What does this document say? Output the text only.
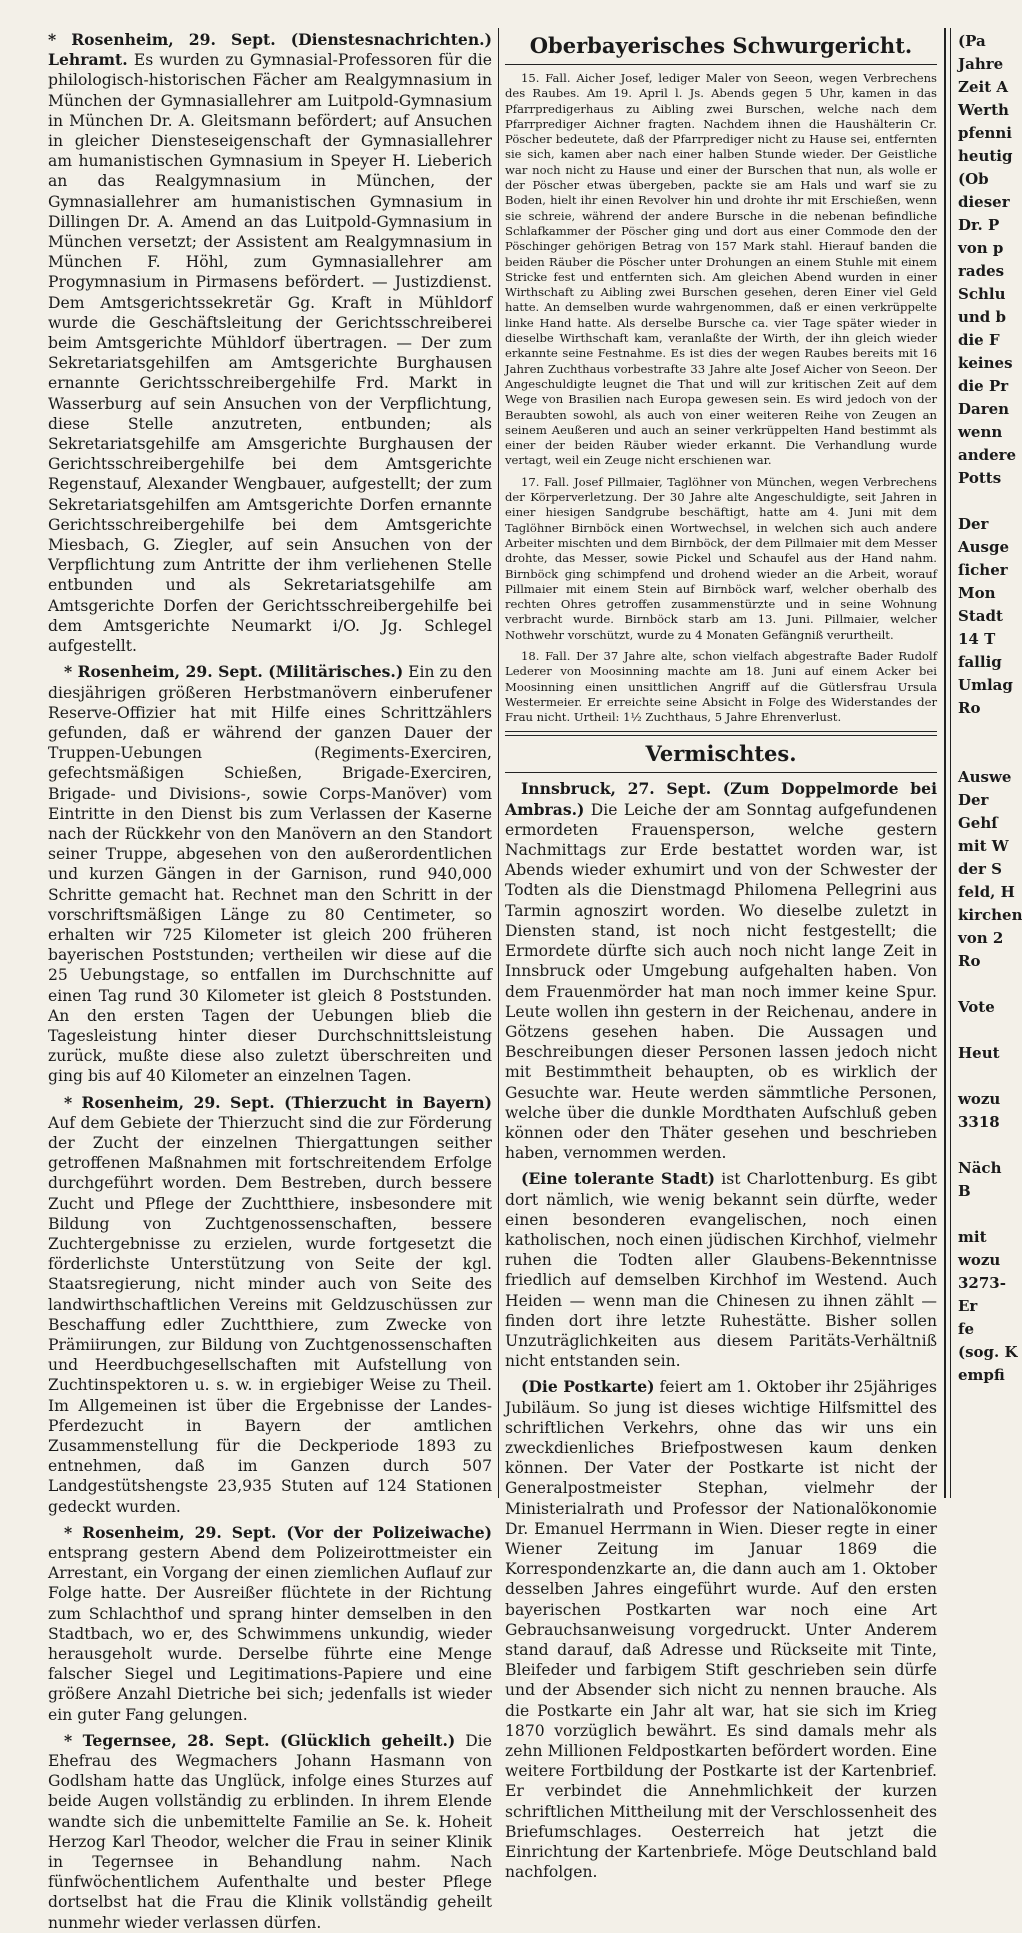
* Rosenheim, 29. Sept. (Dienstesnachrichten.) Lehramt. Es wurden zu Gymnasial-Professoren für die philologisch-historischen Fächer am Realgymnasium in München der Gymnasiallehrer am Luitpold-Gymnasium in München Dr. A. Gleitsmann befördert; auf Ansuchen in gleicher Diensteseigenschaft der Gymnasiallehrer am humanistischen Gymnasium in Speyer H. Lieberich an das Realgymnasium in München, der Gymnasiallehrer am humanistischen Gymnasium in Dillingen Dr. A. Amend an das Luitpold-Gymnasium in München versetzt; der Assistent am Realgymnasium in München F. Höhl, zum Gymnasiallehrer am Progymnasium in Pirmasens befördert. — Justizdienst. Dem Amtsgerichtssekretär Gg. Kraft in Mühldorf wurde die Geschäftsleitung der Gerichtsschreiberei beim Amtsgerichte Mühldorf übertragen. — Der zum Sekretariatsgehilfen am Amtsgerichte Burghausen ernannte Gerichtsschreibergehilfe Frd. Markt in Wasserburg auf sein Ansuchen von der Verpflichtung, diese Stelle anzutreten, entbunden; als Sekretariatsgehilfe am Amsgerichte Burghausen der Gerichtsschreibergehilfe bei dem Amtsgerichte Regenstauf, Alexander Wengbauer, aufgestellt; der zum Sekretariatsgehilfen am Amtsgerichte Dorfen ernannte Gerichtsschreibergehilfe bei dem Amtsgerichte Miesbach, G. Ziegler, auf sein Ansuchen von der Verpflichtung zum Antritte der ihm verliehenen Stelle entbunden und als Sekretariatsgehilfe am Amtsgerichte Dorfen der Gerichtsschreibergehilfe bei dem Amtsgerichte Neumarkt i/O. Jg. Schlegel aufgestellt.

* Rosenheim, 29. Sept. (Militärisches.) Ein zu den diesjährigen größeren Herbstmanövern einberufener Reserve-Offizier hat mit Hilfe eines Schrittzählers gefunden, daß er während der ganzen Dauer der Truppen-Uebungen (Regiments-Exerciren, gefechtsmäßigen Schießen, Brigade-Exerciren, Brigade- und Divisions-, sowie Corps-Manöver) vom Eintritte in den Dienst bis zum Verlassen der Kaserne nach der Rückkehr von den Manövern an den Standort seiner Truppe, abgesehen von den außerordentlichen und kurzen Gängen in der Garnison, rund 940,000 Schritte gemacht hat. Rechnet man den Schritt in der vorschriftsmäßigen Länge zu 80 Centimeter, so erhalten wir 725 Kilometer ist gleich 200 früheren bayerischen Poststunden; vertheilen wir diese auf die 25 Uebungstage, so entfallen im Durchschnitte auf einen Tag rund 30 Kilometer ist gleich 8 Poststunden. An den ersten Tagen der Uebungen blieb die Tagesleistung hinter dieser Durchschnittsleistung zurück, mußte diese also zuletzt überschreiten und ging bis auf 40 Kilometer an einzelnen Tagen.

* Rosenheim, 29. Sept. (Thierzucht in Bayern) Auf dem Gebiete der Thierzucht sind die zur Förderung der Zucht der einzelnen Thiergattungen seither getroffenen Maßnahmen mit fortschreitendem Erfolge durchgeführt worden. Dem Bestreben, durch bessere Zucht und Pflege der Zuchtthiere, insbesondere mit Bildung von Zuchtgenossenschaften, bessere Zuchtergebnisse zu erzielen, wurde fortgesetzt die förderlichste Unterstützung von Seite der kgl. Staatsregierung, nicht minder auch von Seite des landwirthschaftlichen Vereins mit Geldzuschüssen zur Beschaffung edler Zuchtthiere, zum Zwecke von Prämiirungen, zur Bildung von Zuchtgenossenschaften und Heerdbuchgesellschaften mit Aufstellung von Zuchtinspektoren u. s. w. in ergiebiger Weise zu Theil. Im Allgemeinen ist über die Ergebnisse der Landes-Pferdezucht in Bayern der amtlichen Zusammenstellung für die Deckperiode 1893 zu entnehmen, daß im Ganzen durch 507 Landgestütshengste 23,935 Stuten auf 124 Stationen gedeckt wurden.

* Rosenheim, 29. Sept. (Vor der Polizeiwache) entsprang gestern Abend dem Polizeirottmeister ein Arrestant, ein Vorgang der einen ziemlichen Auflauf zur Folge hatte. Der Ausreißer flüchtete in der Richtung zum Schlachthof und sprang hinter demselben in den Stadtbach, wo er, des Schwimmens unkundig, wieder herausgeholt wurde. Derselbe führte eine Menge falscher Siegel und Legitimations-Papiere und eine größere Anzahl Dietriche bei sich; jedenfalls ist wieder ein guter Fang gelungen.

* Tegernsee, 28. Sept. (Glücklich geheilt.) Die Ehefrau des Wegmachers Johann Hasmann von Godlsham hatte das Unglück, infolge eines Sturzes auf beide Augen vollständig zu erblinden. In ihrem Elende wandte sich die unbemittelte Familie an Se. k. Hoheit Herzog Karl Theodor, welcher die Frau in seiner Klinik in Tegernsee in Behandlung nahm. Nach fünfwöchentlichem Aufenthalte und bester Pflege dortselbst hat die Frau die Klinik vollständig geheilt nunmehr wieder verlassen dürfen.

Oberbayerisches Schwurgericht.

15. Fall. Aicher Josef, lediger Maler von Seeon, wegen Verbrechens des Raubes. Am 19. April l. Js. Abends gegen 5 Uhr, kamen in das Pfarrpredigerhaus zu Aibling zwei Burschen, welche nach dem Pfarrprediger Aichner fragten. Nachdem ihnen die Haushälterin Cr. Pöscher bedeutete, daß der Pfarrprediger nicht zu Hause sei, entfernten sie sich, kamen aber nach einer halben Stunde wieder. Der Geistliche war noch nicht zu Hause und einer der Burschen that nun, als wolle er der Pöscher etwas übergeben, packte sie am Hals und warf sie zu Boden, hielt ihr einen Revolver hin und drohte ihr mit Erschießen, wenn sie schreie, während der andere Bursche in die nebenan befindliche Schlafkammer der Pöscher ging und dort aus einer Commode den der Pöschinger gehörigen Betrag von 157 Mark stahl. Hierauf banden die beiden Räuber die Pöscher unter Drohungen an einem Stuhle mit einem Stricke fest und entfernten sich. Am gleichen Abend wurden in einer Wirthschaft zu Aibling zwei Burschen gesehen, deren Einer viel Geld hatte. An demselben wurde wahrgenommen, daß er einen verkrüppelte linke Hand hatte. Als derselbe Bursche ca. vier Tage später wieder in dieselbe Wirthschaft kam, veranlaßte der Wirth, der ihn gleich wieder erkannte seine Festnahme. Es ist dies der wegen Raubes bereits mit 16 Jahren Zuchthaus vorbestrafte 33 Jahre alte Josef Aicher von Seeon. Der Angeschuldigte leugnet die That und will zur kritischen Zeit auf dem Wege von Brasilien nach Europa gewesen sein. Es wird jedoch von der Beraubten sowohl, als auch von einer weiteren Reihe von Zeugen an seinem Aeußeren und auch an seiner verkrüppelten Hand bestimmt als einer der beiden Räuber wieder erkannt. Die Verhandlung wurde vertagt, weil ein Zeuge nicht erschienen war.

17. Fall. Josef Pillmaier, Taglöhner von München, wegen Verbrechens der Körperverletzung. Der 30 Jahre alte Angeschuldigte, seit Jahren in einer hiesigen Sandgrube beschäftigt, hatte am 4. Juni mit dem Taglöhner Birnböck einen Wortwechsel, in welchen sich auch andere Arbeiter mischten und dem Birnböck, der dem Pillmaier mit dem Messer drohte, das Messer, sowie Pickel und Schaufel aus der Hand nahm. Birnböck ging schimpfend und drohend wieder an die Arbeit, worauf Pillmaier mit einem Stein auf Birnböck warf, welcher oberhalb des rechten Ohres getroffen zusammenstürzte und in seine Wohnung verbracht wurde. Birnböck starb am 13. Juni. Pillmaier, welcher Nothwehr vorschützt, wurde zu 4 Monaten Gefängniß verurtheilt.

18. Fall. Der 37 Jahre alte, schon vielfach abgestrafte Bader Rudolf Lederer von Moosinning machte am 18. Juni auf einem Acker bei Moosinning einen unsittlichen Angriff auf die Gütlersfrau Ursula Westermeier. Er erreichte seine Absicht in Folge des Widerstandes der Frau nicht. Urtheil: 1½ Zuchthaus, 5 Jahre Ehrenverlust.

Vermischtes.

Innsbruck, 27. Sept. (Zum Doppelmorde bei Ambras.) Die Leiche der am Sonntag aufgefundenen ermordeten Frauensperson, welche gestern Nachmittags zur Erde bestattet worden war, ist Abends wieder exhumirt und von der Schwester der Todten als die Dienstmagd Philomena Pellegrini aus Tarmin agnoszirt worden. Wo dieselbe zuletzt in Diensten stand, ist noch nicht festgestellt; die Ermordete dürfte sich auch noch nicht lange Zeit in Innsbruck oder Umgebung aufgehalten haben. Von dem Frauenmörder hat man noch immer keine Spur. Leute wollen ihn gestern in der Reichenau, andere in Götzens gesehen haben. Die Aussagen und Beschreibungen dieser Personen lassen jedoch nicht mit Bestimmtheit behaupten, ob es wirklich der Gesuchte war. Heute werden sämmtliche Personen, welche über die dunkle Mordthaten Aufschluß geben können oder den Thäter gesehen und beschrieben haben, vernommen werden.

(Eine tolerante Stadt) ist Charlottenburg. Es gibt dort nämlich, wie wenig bekannt sein dürfte, weder einen besonderen evangelischen, noch einen katholischen, noch einen jüdischen Kirchhof, vielmehr ruhen die Todten aller Glaubens-Bekenntnisse friedlich auf demselben Kirchhof im Westend. Auch Heiden — wenn man die Chinesen zu ihnen zählt — finden dort ihre letzte Ruhestätte. Bisher sollen Unzuträglichkeiten aus diesem Paritäts-Verhältniß nicht entstanden sein.

(Die Postkarte) feiert am 1. Oktober ihr 25jähriges Jubiläum. So jung ist dieses wichtige Hilfsmittel des schriftlichen Verkehrs, ohne das wir uns ein zweckdienliches Briefpostwesen kaum denken können. Der Vater der Postkarte ist nicht der Generalpostmeister Stephan, vielmehr der Ministerialrath und Professor der Nationalökonomie Dr. Emanuel Herrmann in Wien. Dieser regte in einer Wiener Zeitung im Januar 1869 die Korrespondenzkarte an, die dann auch am 1. Oktober desselben Jahres eingeführt wurde. Auf den ersten bayerischen Postkarten war noch eine Art Gebrauchsanweisung vorgedruckt. Unter Anderem stand darauf, daß Adresse und Rückseite mit Tinte, Bleifeder und farbigem Stift geschrieben sein dürfe und der Absender sich nicht zu nennen brauche. Als die Postkarte ein Jahr alt war, hat sie sich im Krieg 1870 vorzüglich bewährt. Es sind damals mehr als zehn Millionen Feldpostkarten befördert worden. Eine weitere Fortbildung der Postkarte ist der Kartenbrief. Er verbindet die Annehmlichkeit der kurzen schriftlichen Mittheilung mit der Verschlossenheit des Briefumschlages. Oesterreich hat jetzt die Einrichtung der Kartenbriefe. Möge Deutschland bald nachfolgen.

(Pa
Jahre
Zeit A
Werth
pfenni
heutig
(Ob
dieser
Dr. P
von p
rades
Schlu
und b
die F
keines
die Pr
Daren
wenn
andere
Potts

Der
Ausge
ſicher
Mon
Stadt
14 T
fallig
Umlag
Ro

Auswe
Der
Gehſ
mit W
der S
feld, H
kirchen
von 2
Ro

Vote

Heut

wozu
3318

Näch
B

mit
wozu
3273-
Er
fe
(sog. K
empfi
